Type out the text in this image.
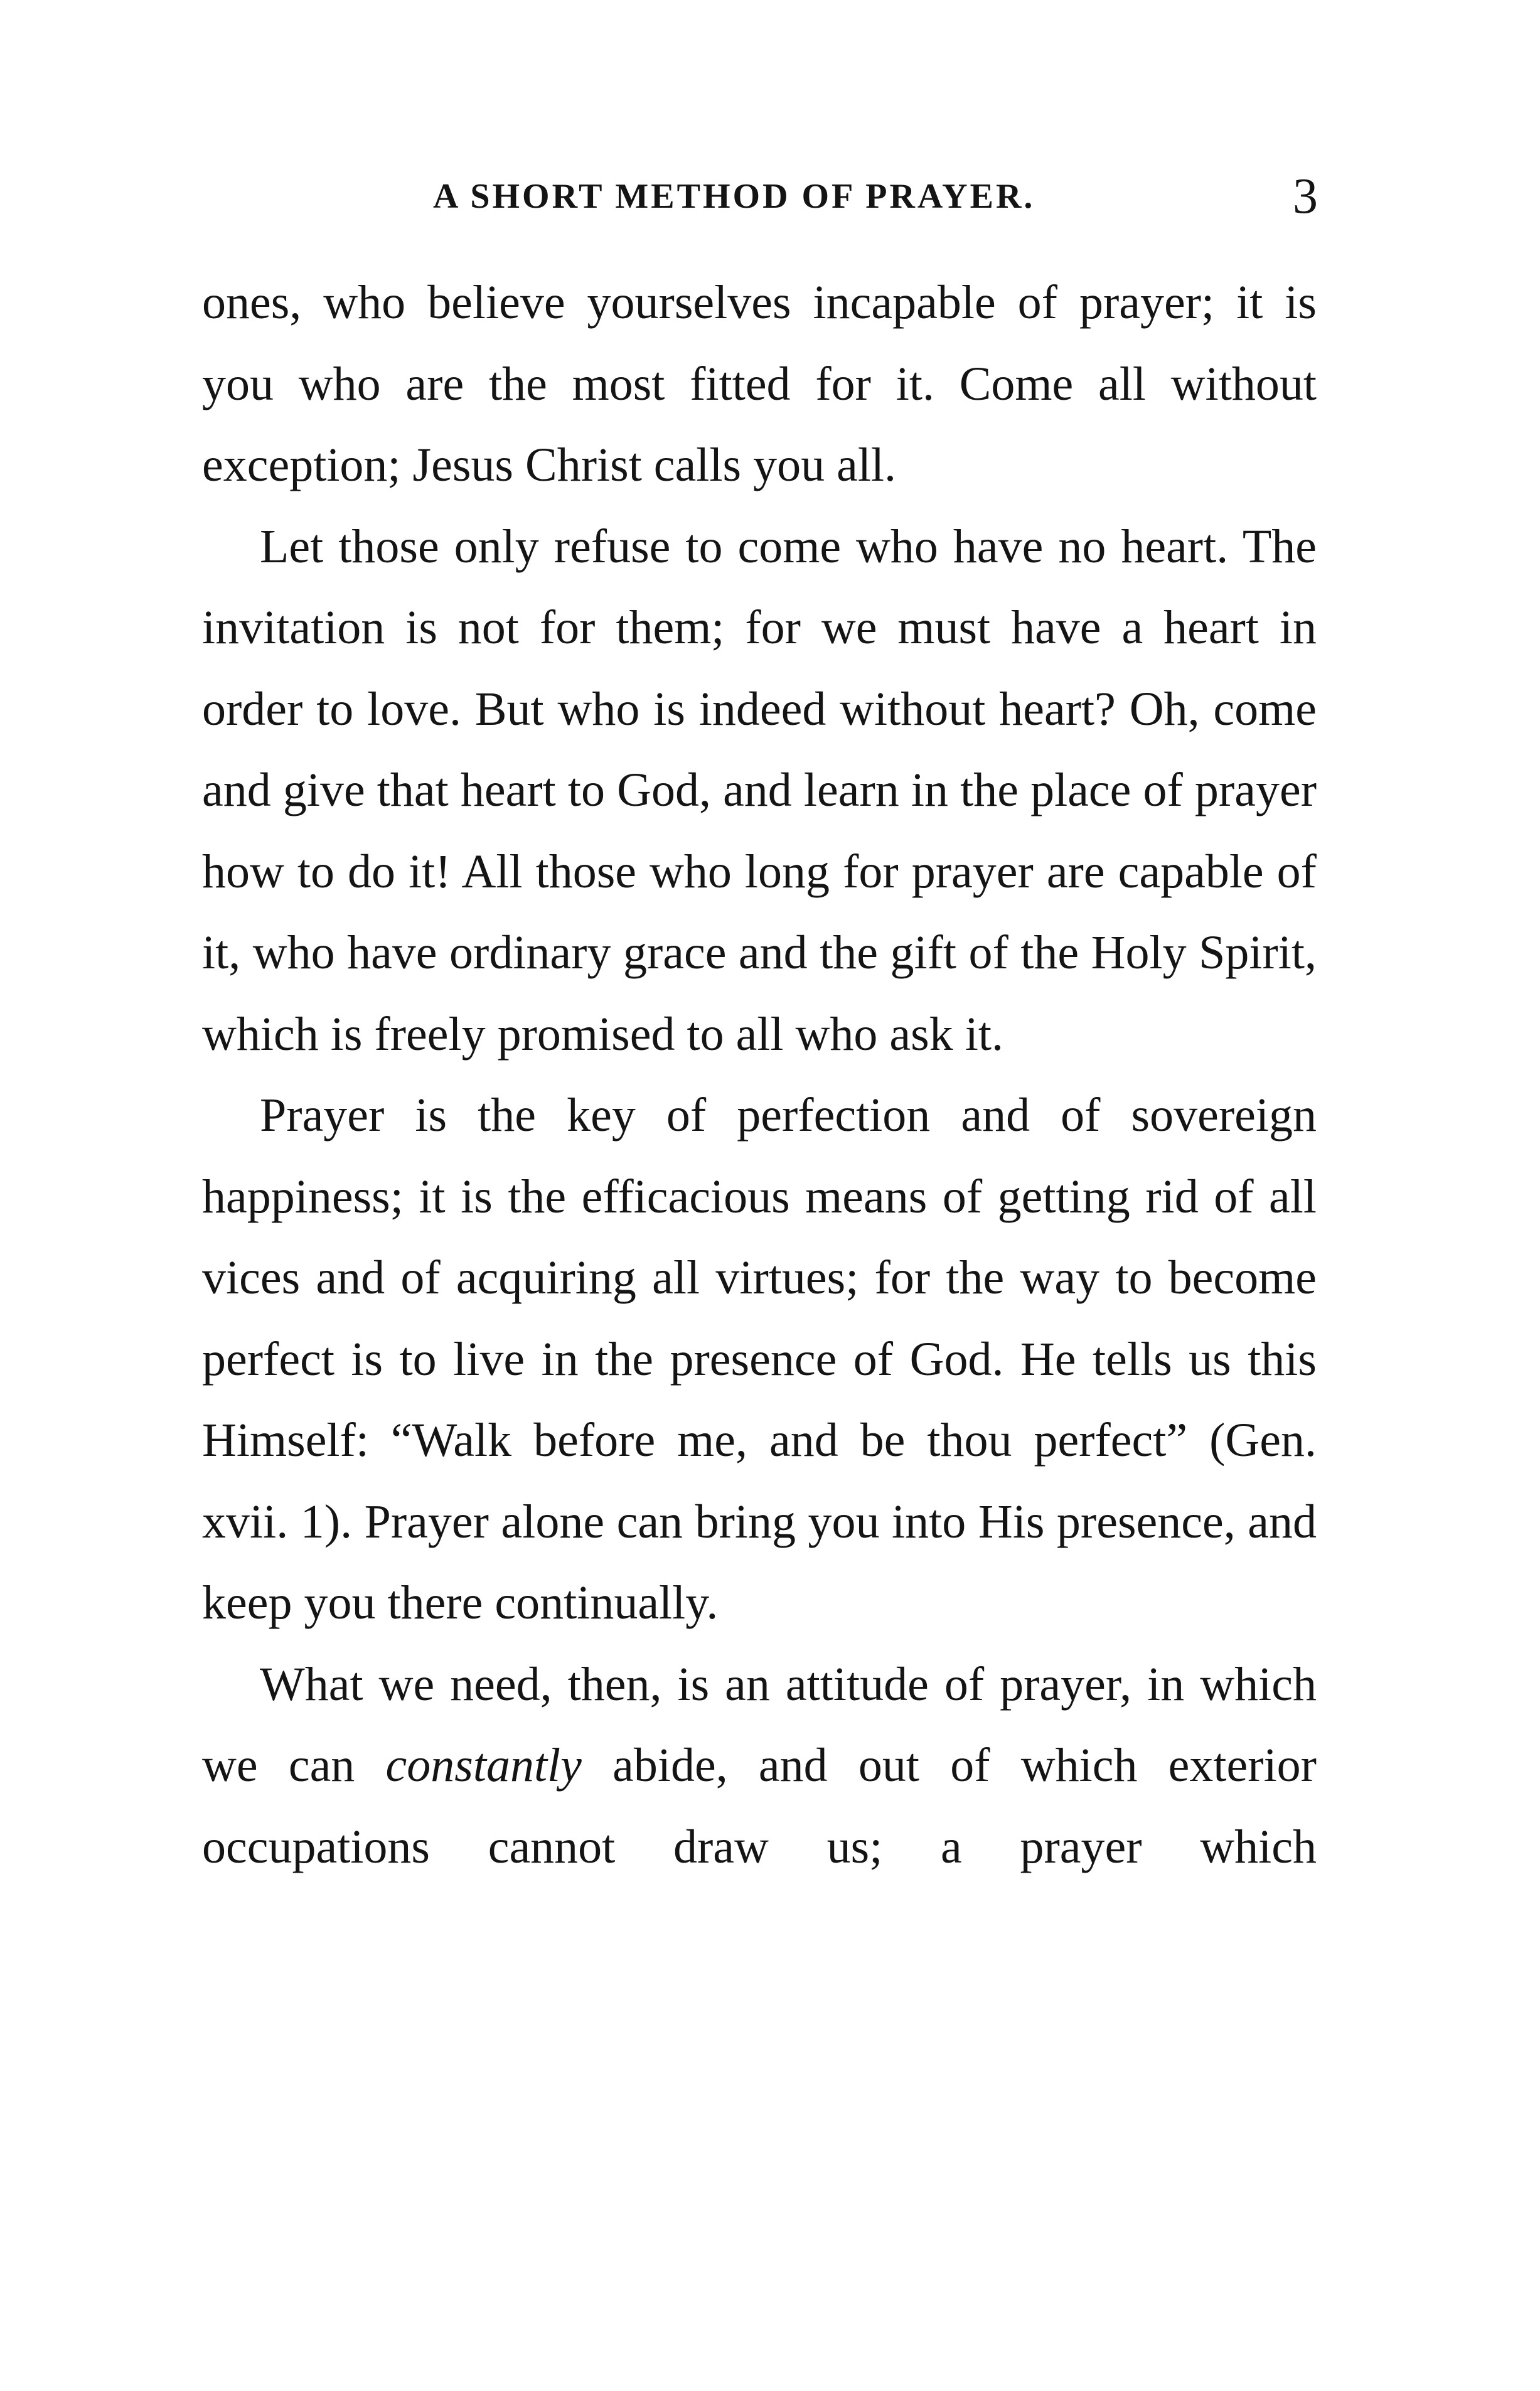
A SHORT METHOD OF PRAYER.	3

ones, who believe yourselves incapable of prayer; it is you who are the most fitted for it. Come all without exception; Jesus Christ calls you all.

Let those only refuse to come who have no heart. The invitation is not for them; for we must have a heart in order to love. But who is indeed without heart? Oh, come and give that heart to God, and learn in the place of prayer how to do it! All those who long for prayer are capable of it, who have ordinary grace and the gift of the Holy Spirit, which is freely promised to all who ask it.

Prayer is the key of perfection and of sovereign happiness; it is the efficacious means of getting rid of all vices and of acquiring all virtues; for the way to become perfect is to live in the presence of God. He tells us this Himself: “Walk before me, and be thou perfect” (Gen. xvii. 1). Prayer alone can bring you into His presence, and keep you there continually.

What we need, then, is an attitude of prayer, in which we can constantly abide, and out of which exterior occupations cannot draw us; a prayer which
